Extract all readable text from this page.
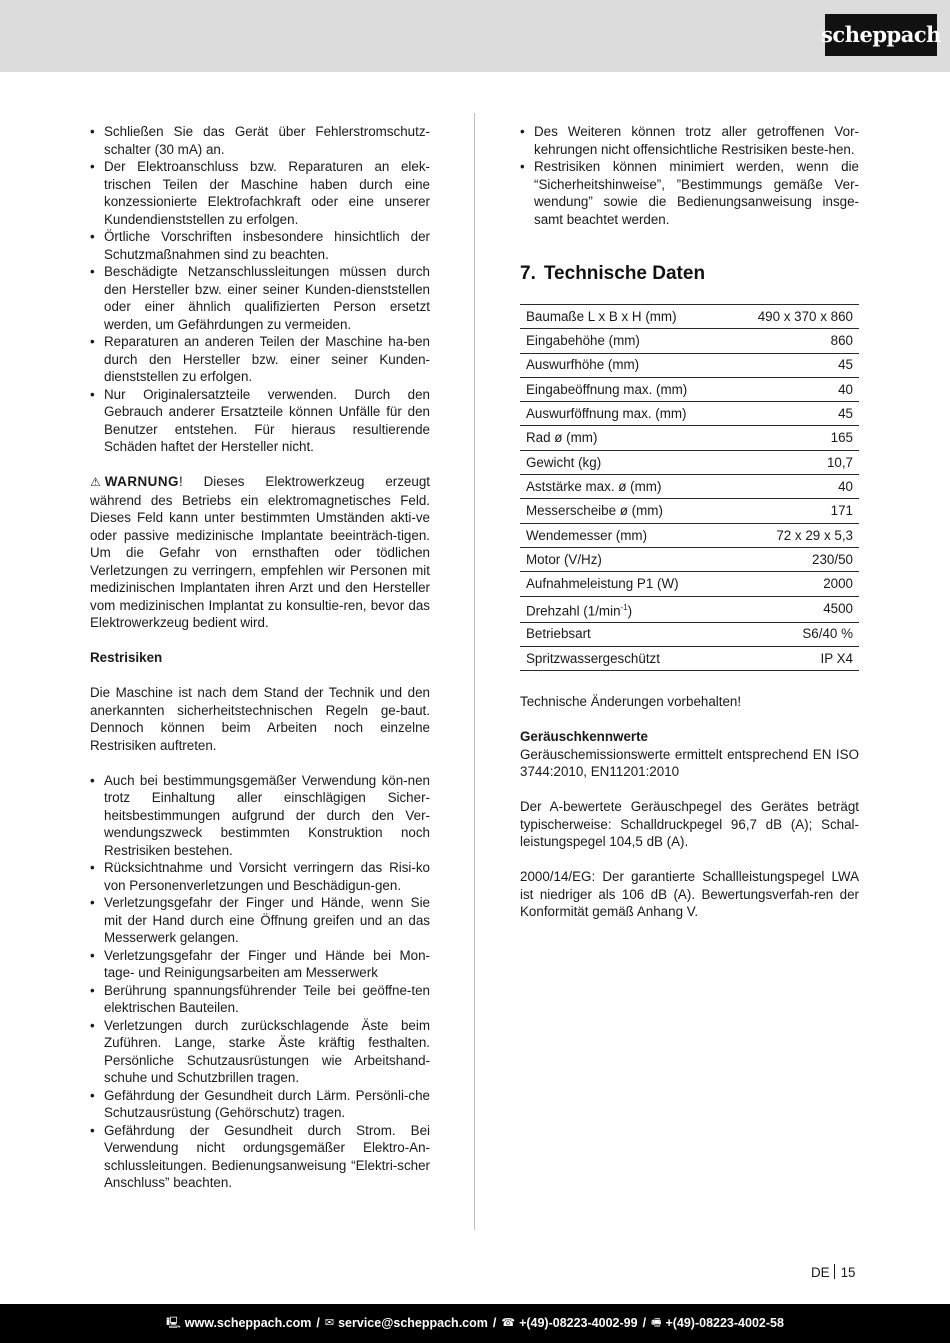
scheppach
• Schließen Sie das Gerät über Fehlerstromschutz-schalter (30 mA) an.
• Der Elektroanschluss bzw. Reparaturen an elek-trischen Teilen der Maschine haben durch eine konzessionierte Elektrofachkraft oder eine unserer Kundendienststellen zu erfolgen.
• Örtliche Vorschriften insbesondere hinsichtlich der Schutzmaßnahmen sind zu beachten.
• Beschädigte Netzanschlussleitungen müssen durch den Hersteller bzw. einer seiner Kunden-dienststellen oder einer ähnlich qualifizierten Person ersetzt werden, um Gefährdungen zu vermeiden.
• Reparaturen an anderen Teilen der Maschine ha-ben durch den Hersteller bzw. einer seiner Kunden-dienststellen zu erfolgen.
• Nur Originalersatzteile verwenden. Durch den Gebrauch anderer Ersatzteile können Unfälle für den Benutzer entstehen. Für hieraus resultierende Schäden haftet der Hersteller nicht.

⚠ WARNUNG! Dieses Elektrowerkzeug erzeugt während des Betriebs ein elektromagnetisches Feld. Dieses Feld kann unter bestimmten Umständen akti-ve oder passive medizinische Implantate beeinträch-tigen. Um die Gefahr von ernsthaften oder tödlichen Verletzungen zu verringern, empfehlen wir Personen mit medizinischen Implantaten ihren Arzt und den Hersteller vom medizinischen Implantat zu konsultie-ren, bevor das Elektrowerkzeug bedient wird.

Restrisiken

Die Maschine ist nach dem Stand der Technik und den anerkannten sicherheitstechnischen Regeln ge-baut. Dennoch können beim Arbeiten noch einzelne Restrisiken auftreten.

• Auch bei bestimmungsgemäßer Verwendung kön-nen trotz Einhaltung aller einschlägigen Sicher-heitsbestimmungen aufgrund der durch den Ver-wendungszweck bestimmten Konstruktion noch Restrisiken bestehen.
• Rücksichtnahme und Vorsicht verringern das Risi-ko von Personenverletzungen und Beschädigun-gen.
• Verletzungsgefahr der Finger und Hände, wenn Sie mit der Hand durch eine Öffnung greifen und an das Messerwerk gelangen.
• Verletzungsgefahr der Finger und Hände bei Mon-tage- und Reinigungsarbeiten am Messerwerk
• Berührung spannungsführender Teile bei geöffne-ten elektrischen Bauteilen.
• Verletzungen durch zurückschlagende Äste beim Zuführen. Lange, starke Äste kräftig festhalten. Persönliche Schutzausrüstungen wie Arbeitshand-schuhe und Schutzbrillen tragen.
• Gefährdung der Gesundheit durch Lärm. Persönli-che Schutzausrüstung (Gehörschutz) tragen.
• Gefährdung der Gesundheit durch Strom. Bei Verwendung nicht ordungsgemäßer Elektro-An-schlussleitungen. Bedienungsanweisung “Elektri-scher Anschluss” beachten.
• Des Weiteren können trotz aller getroffenen Vor-kehrungen nicht offensichtliche Restrisiken beste-hen.
• Restrisiken können minimiert werden, wenn die “Sicherheitshinweise”, ”Bestimmungs gemäße Ver-wendung” sowie die Bedienungsanweisung insge-samt beachtet werden.
7. Technische Daten
Baumaße L x B x H (mm)	490 x 370 x 860
Eingabehöhe (mm)	860
Auswurfhöhe (mm)	45
Eingabeöffnung max. (mm)	40
Auswurföffnung max. (mm)	45
Rad ø (mm)	165
Gewicht (kg)	10,7
Aststärke max. ø (mm)	40
Messerscheibe ø (mm)	171
Wendemesser (mm)	72 x 29 x 5,3
Motor (V/Hz)	230/50
Aufnahmeleistung P1 (W)	2000
Drehzahl $(1/\min^{-1})$	4500
Betriebsart	S6/40 %
Spritzwassergeschützt	IP X4

Technische Änderungen vorbehalten!

Geräuschkennwerte

Geräuschemissionswerte ermittelt entsprechend EN ISO 3744:2010, EN11201:2010

Der A-bewertete Geräuschpegel des Gerätes beträgt typischerweise: Schalldruckpegel 96,7 dB (A); Schal-leistungspegel 104,5 dB (A).

2000/14/EG: Der garantierte Schallleistungspegel LWA ist niedriger als 106 dB (A). Bewertungsverfah-ren der Konformität gemäß Anhang V.

DE 15
🖳 www.scheppach.com / ✉ service@scheppach.com / ☎ +(49)-08223-4002-99 / 🖷 +(49)-08223-4002-58
